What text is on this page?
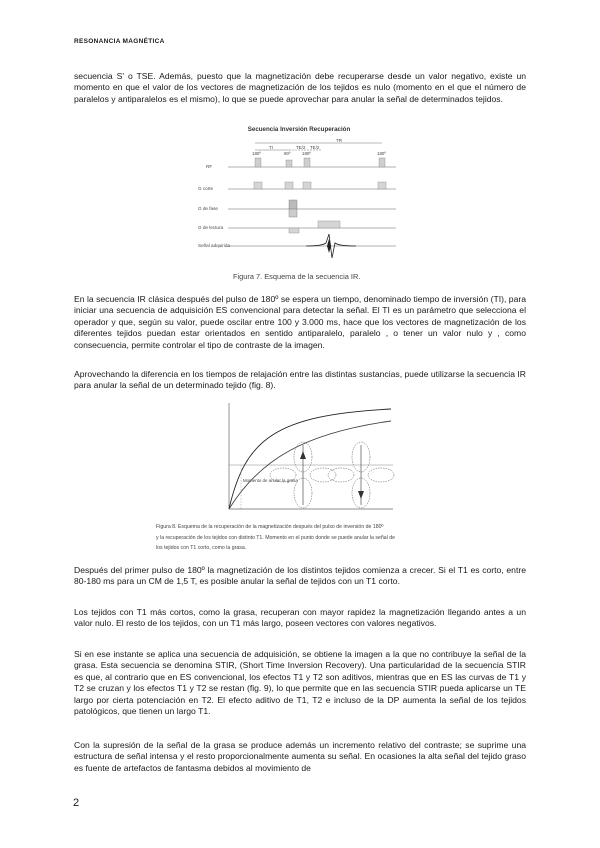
RESONANCIA MAGNÉTICA

secuencia S' o TSE. Además, puesto que la magnetización debe recuperarse desde un valor negativo, existe un momento en que el valor de los vectores de magnetización de los tejidos es nulo (momento en el que el número de paralelos y antiparalelos es el mismo), lo que se puede aprovechar para anular la señal de determinados tejidos.

Secuencia Inversión Recuperación
RF
G corte
G de fase
G de lectura
Señal adquirida
TR
TI	TE/2 TE/2
180º	90º	180º	180º
Figura 7. Esquema de la secuencia IR.

En la secuencia IR clásica después del pulso de 180º se espera un tiempo, denominado tiempo de inversión (TI), para iniciar una secuencia de adquisición ES convencional para detectar la señal. El TI es un parámetro que selecciona el operador y que, según su valor, puede oscilar entre 100 y 3.000 ms, hace que los vectores de magnetización de los diferentes tejidos puedan estar orientados en sentido antiparalelo, paralelo , o tener un valor nulo y , como consecuencia, permite controlar el tipo de contraste de la imagen.

Aprovechando la diferencia en los tiempos de relajación entre las distintas sustancias, puede utilizarse la secuencia IR para anular la señal de un determinado tejido (fig. 8).

Momento de anular la grasa

Figura 8. Esquema de la recuperación de la magnetización después del pulso de inversión de 180º
y la recuperación de los tejidos con distinto T1. Momento en el punto donde se puede anular la señal de
los tejidos con T1 corto, como la grasa.

Después del primer pulso de 180º la magnetización de los distintos tejidos comienza a crecer. Si el T1 es corto, entre 80-180 ms para un CM de 1,5 T, es posible anular la señal de tejidos con un T1 corto.

Los tejidos con T1 más cortos, como la grasa, recuperan con mayor rapidez la magnetización llegando antes a un valor nulo. El resto de los tejidos, con un T1 más largo, poseen vectores con valores negativos.

Si en ese instante se aplica una secuencia de adquisición, se obtiene la imagen a la que no contribuye la señal de la grasa. Esta secuencia se denomina STIR, (Short Time Inversion Recovery). Una particularidad de la secuencia STIR es que, al contrario que en ES convencional, los efectos T1 y T2 son aditivos, mientras que en ES las curvas de T1 y T2 se cruzan y los efectos T1 y T2 se restan (fig. 9), lo que permite que en las secuencia STIR pueda aplicarse un TE largo por cierta potenciación en T2. El efecto aditivo de T1, T2 e incluso de la DP aumenta la señal de los tejidos patológicos, que tienen un largo T1.

Con la supresión de la señal de la grasa se produce además un incremento relativo del contraste; se suprime una estructura de señal intensa y el resto proporcionalmente aumenta su señal. En ocasiones la alta señal del tejido graso es fuente de artefactos de fantasma debidos al movimiento de

2
